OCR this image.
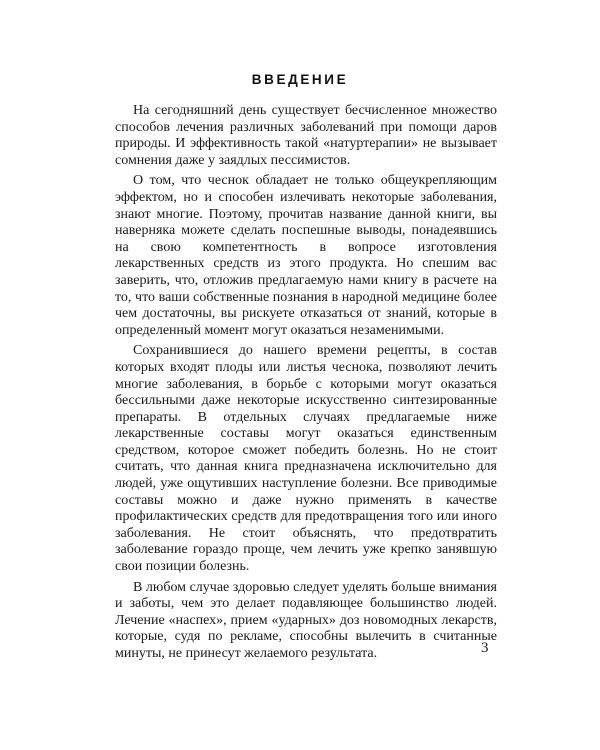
ВВЕДЕНИЕ

На сегодняшний день существует бесчисленное множество способов лечения различных заболеваний при помощи даров природы. И эффективность такой «натуртерапии» не вызывает сомнения даже у заядлых пессимистов.

О том, что чеснок обладает не только общеукрепляющим эффектом, но и способен излечивать некоторые заболевания, знают многие. Поэтому, прочитав название данной книги, вы наверняка можете сделать поспешные выводы, понадеявшись на свою компетентность в вопросе изготовления лекарственных средств из этого продукта. Но спешим вас заверить, что, отложив предлагаемую нами книгу в расчете на то, что ваши собственные познания в народной медицине более чем достаточны, вы рискуете отказаться от знаний, которые в определенный момент могут оказаться незаменимыми.

Сохранившиеся до нашего времени рецепты, в состав которых входят плоды или листья чеснока, позволяют лечить многие заболевания, в борьбе с которыми могут оказаться бессильными даже некоторые искусственно синтезированные препараты. В отдельных случаях предлагаемые ниже лекарственные составы могут оказаться единственным средством, которое сможет победить болезнь. Но не стоит считать, что данная книга предназначена исключительно для людей, уже ощутивших наступление болезни. Все приводимые составы можно и даже нужно применять в качестве профилактических средств для предотвращения того или иного заболевания. Не стоит объяснять, что предотвратить заболевание гораздо проще, чем лечить уже крепко занявшую свои позиции болезнь.

В любом случае здоровью следует уделять больше внимания и заботы, чем это делает подавляющее большинство людей. Лечение «наспех», прием «ударных» доз новомодных лекарств, которые, судя по рекламе, способны вылечить в считанные минуты, не принесут желаемого результата.	3
